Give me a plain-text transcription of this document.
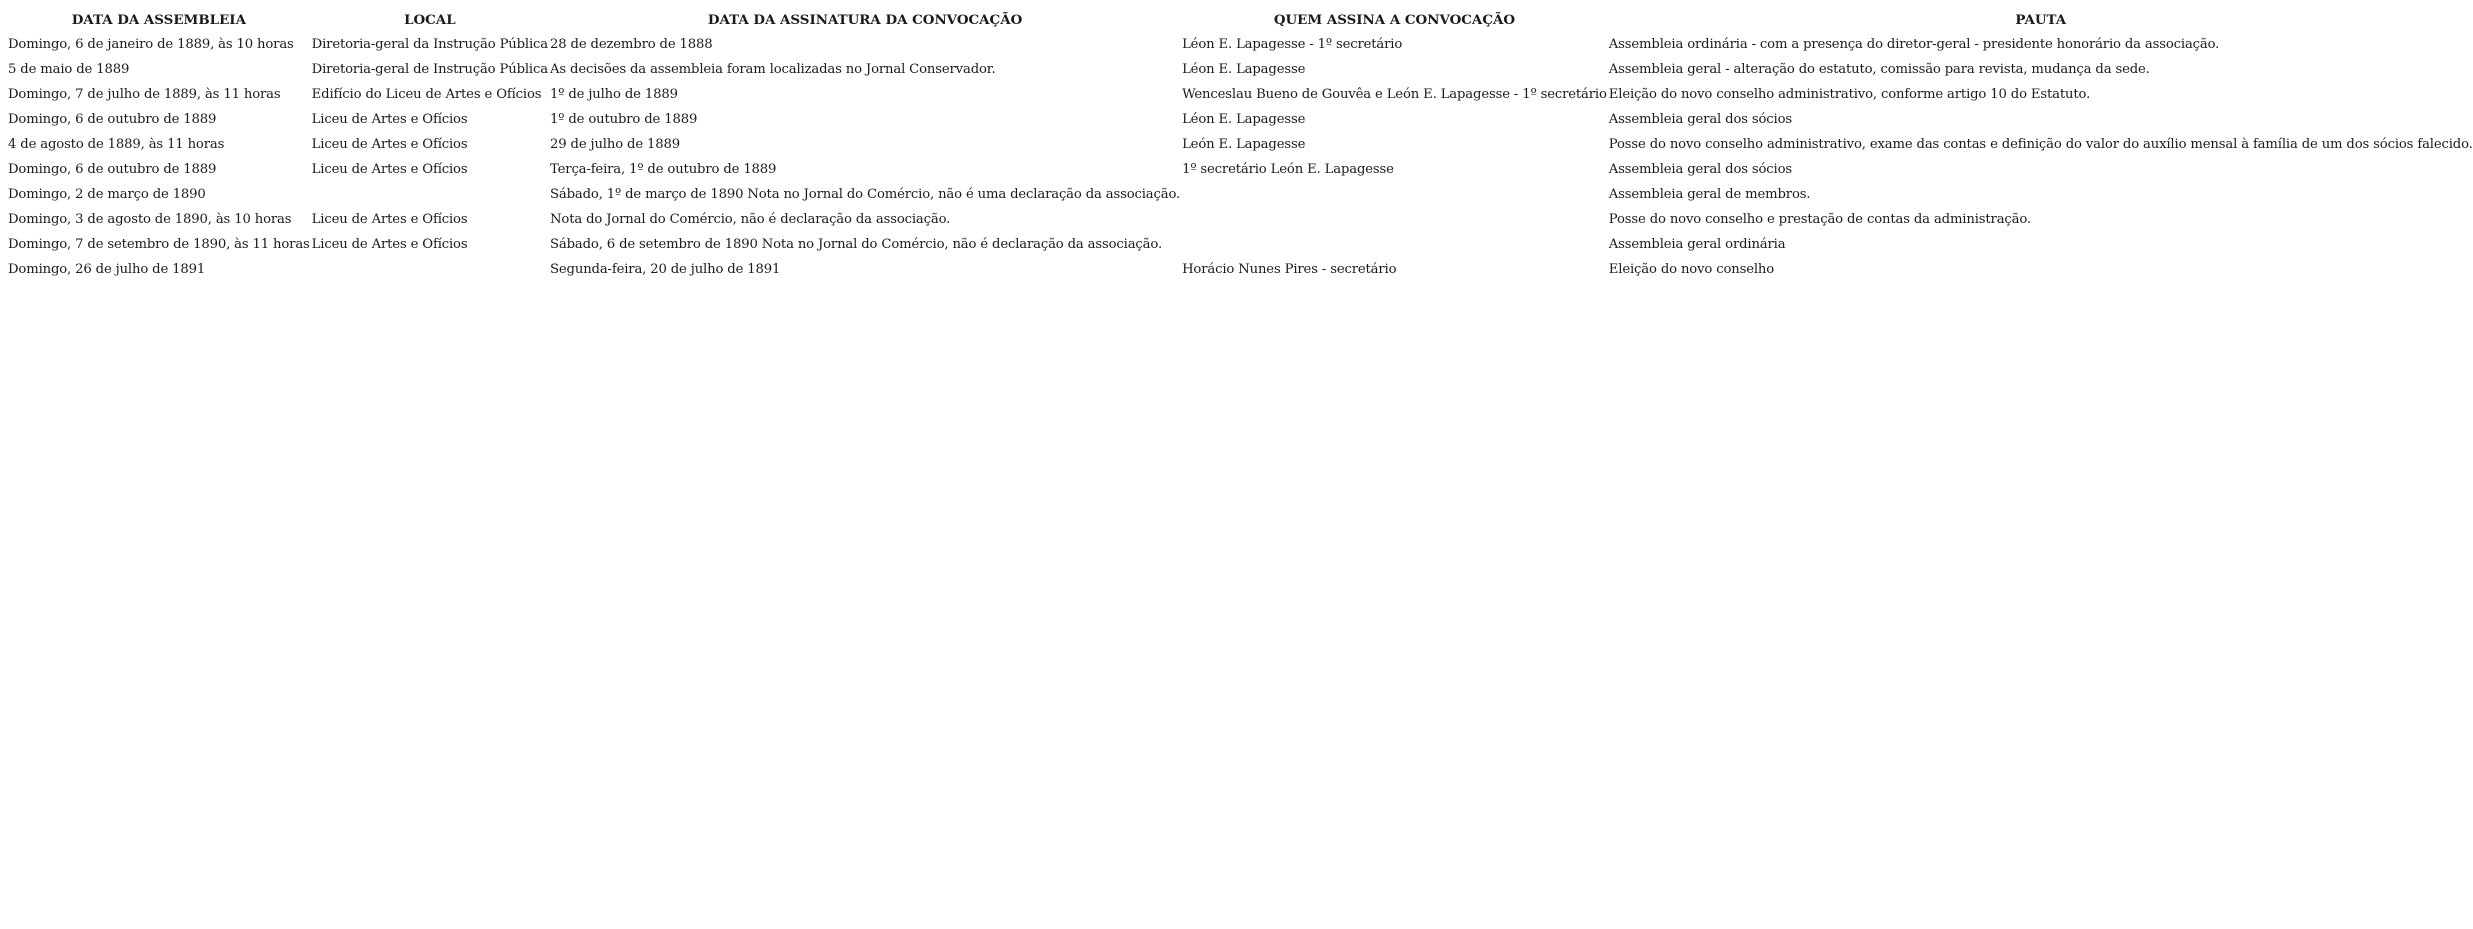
DATA DA ASSEMBLEIA	LOCAL	DATA DA ASSINATURA DA CONVOCAÇÃO	QUEM ASSINA A CONVOCAÇÃO	PAUTA
Domingo, 6 de janeiro de 1889, às 10 horas	Diretoria-geral da Instrução Pública	28 de dezembro de 1888	Léon E. Lapagesse - 1º secretário	Assembleia ordinária - com a presença do diretor-geral - presidente honorário da associação.
5 de maio de 1889	Diretoria-geral de Instrução Pública	As decisões da assembleia foram localizadas no Jornal Conservador.	Léon E. Lapagesse	Assembleia geral - alteração do estatuto, comissão para revista, mudança da sede.
Domingo, 7 de julho de 1889, às 11 horas	Edifício do Liceu de Artes e Ofícios	1º de julho de 1889	Wenceslau Bueno de Gouvêa e León E. Lapagesse - 1º secretário	Eleição do novo conselho administrativo, conforme artigo 10 do Estatuto.
Domingo, 6 de outubro de 1889	Liceu de Artes e Ofícios	1º de outubro de 1889	Léon E. Lapagesse	Assembleia geral dos sócios
4 de agosto de 1889, às 11 horas	Liceu de Artes e Ofícios	29 de julho de 1889	León E. Lapagesse	Posse do novo conselho administrativo, exame das contas e definição do valor do auxílio mensal à família de um dos sócios falecido.
Domingo, 6 de outubro de 1889	Liceu de Artes e Ofícios	Terça-feira, 1º de outubro de 1889	1º secretário León E. Lapagesse	Assembleia geral dos sócios
Domingo, 2 de março de 1890		Sábado, 1º de março de 1890 Nota no Jornal do Comércio, não é uma declaração da associação.		Assembleia geral de membros.
Domingo, 3 de agosto de 1890, às 10 horas	Liceu de Artes e Ofícios	Nota do Jornal do Comércio, não é declaração da associação.		Posse do novo conselho e prestação de contas da administração.
Domingo, 7 de setembro de 1890, às 11 horas	Liceu de Artes e Ofícios	Sábado, 6 de setembro de 1890 Nota no Jornal do Comércio, não é declaração da associação.		Assembleia geral ordinária
Domingo, 26 de julho de 1891		Segunda-feira, 20 de julho de 1891	Horácio Nunes Pires - secretário	Eleição do novo conselho
